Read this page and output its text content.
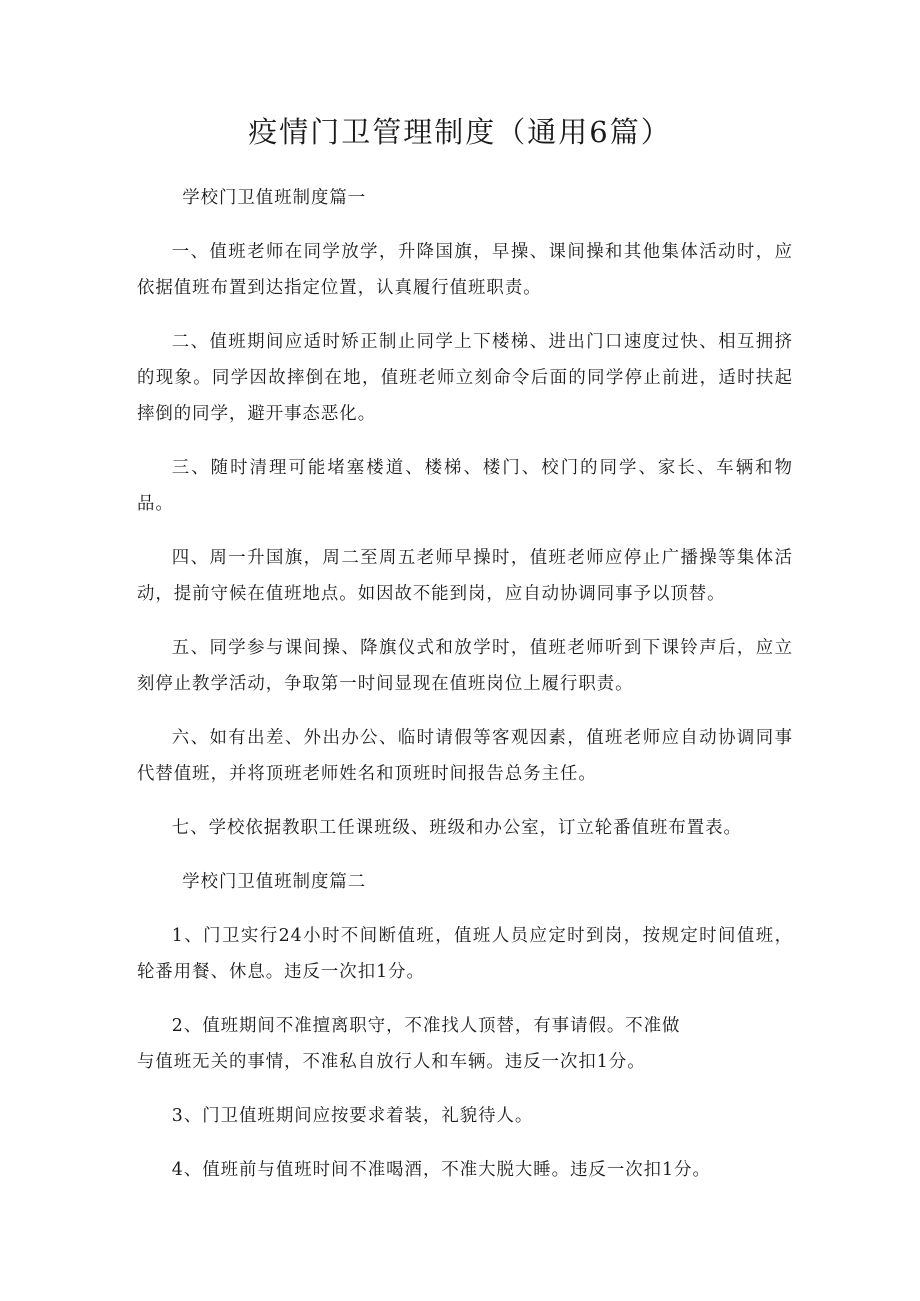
疫情门卫管理制度（通用6篇）
学校门卫值班制度篇一
一、值班老师在同学放学，升降国旗，早操、课间操和其他集体活动时，应依据值班布置到达指定位置，认真履行值班职责。
二、值班期间应适时矫正制止同学上下楼梯、进出门口速度过快、相互拥挤的现象。同学因故摔倒在地，值班老师立刻命令后面的同学停止前进，适时扶起摔倒的同学，避开事态恶化。
三、随时清理可能堵塞楼道、楼梯、楼门、校门的同学、家长、车辆和物品。
四、周一升国旗，周二至周五老师早操时，值班老师应停止广播操等集体活动，提前守候在值班地点。如因故不能到岗，应自动协调同事予以顶替。
五、同学参与课间操、降旗仪式和放学时，值班老师听到下课铃声后，应立刻停止教学活动，争取第一时间显现在值班岗位上履行职责。
六、如有出差、外出办公、临时请假等客观因素，值班老师应自动协调同事代替值班，并将顶班老师姓名和顶班时间报告总务主任。
七、学校依据教职工任课班级、班级和办公室，订立轮番值班布置表。
学校门卫值班制度篇二
1、门卫实行24小时不间断值班，值班人员应定时到岗，按规定时间值班，轮番用餐、休息。违反一次扣1分。
2、值班期间不准擅离职守，不准找人顶替，有事请假。不准做
与值班无关的事情，不准私自放行人和车辆。违反一次扣1分。
3、门卫值班期间应按要求着装，礼貌待人。
4、值班前与值班时间不准喝酒，不准大脱大睡。违反一次扣1分。
